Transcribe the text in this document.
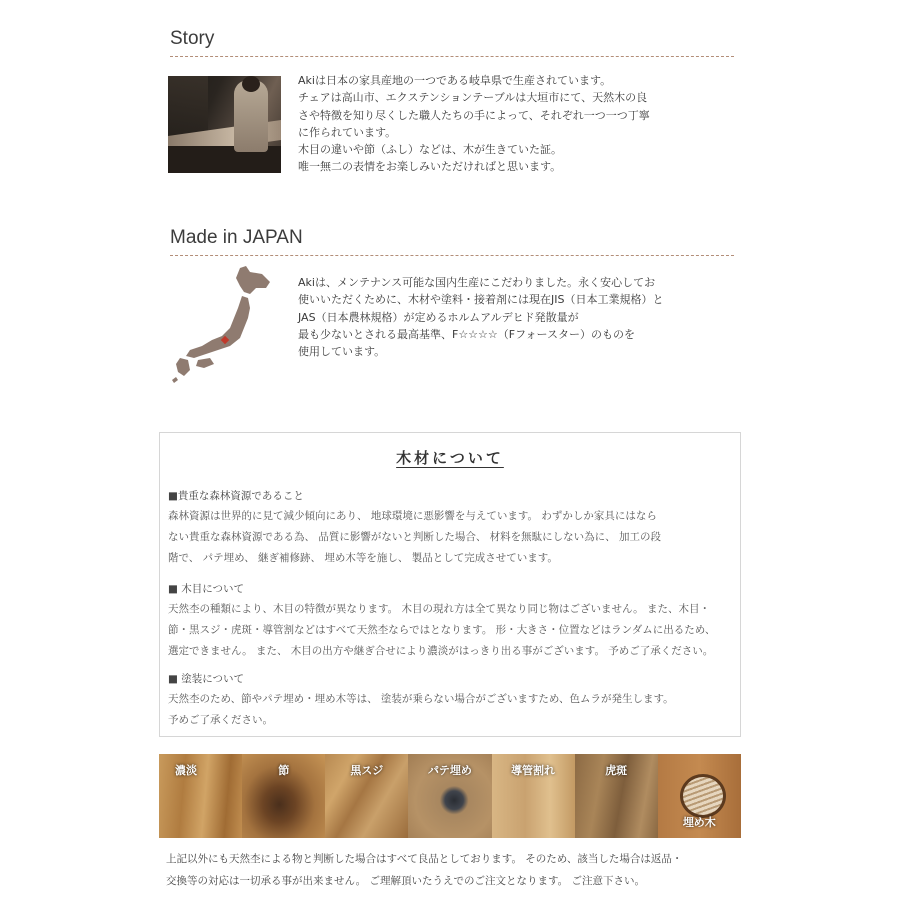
Story
Akiは日本の家具産地の一つである岐阜県で生産されています。
チェアは高山市、エクステンションテーブルは大垣市にて、天然木の良
さや特徴を知り尽くした職人たちの手によって、それぞれ一つ一つ丁寧
に作られています。
木目の違いや節（ふし）などは、木が生きていた証。
唯一無二の表情をお楽しみいただければと思います。
Made in JAPAN
Akiは、メンテナンス可能な国内生産にこだわりました。永く安心してお
使いいただくために、木材や塗料・接着剤には現在JIS（日本工業規格）と
JAS（日本農林規格）が定めるホルムアルデヒド発散量が
最も少ないとされる最高基準、F☆☆☆☆（Fフォースター）のものを
使用しています。
木材について
■貴重な森林資源であること
森林資源は世界的に見て減少傾向にあり、 地球環境に悪影響を与えています。 わずかしか家具にはなら
ない貴重な森林資源である為、 品質に影響がないと判断した場合、 材料を無駄にしない為に、 加工の段
階で、 パテ埋め、 継ぎ補修跡、 埋め木等を施し、 製品として完成させています。
■ 木目について
天然杢の種類により、木目の特徴が異なります。 木目の現れ方は全て異なり同じ物はございません。 また、木目・
節・黒スジ・虎斑・導管割などはすべて天然杢ならではとなります。 形・大きさ・位置などはランダムに出るため、
選定できません。 また、 木目の出方や継ぎ合せにより濃淡がはっきり出る事がございます。 予めご了承ください。
■ 塗装について
天然杢のため、節やパテ埋め・埋め木等は、 塗装が乗らない場合がございますため、色ムラが発生します。
予めご了承ください。
濃淡	節	黒スジ	パテ埋め	導管割れ	虎斑
埋め木
上記以外にも天然杢による物と判断した場合はすべて良品としております。 そのため、該当した場合は返品・
交換等の対応は一切承る事が出来ません。 ご理解頂いたうえでのご注文となります。 ご注意下さい。
